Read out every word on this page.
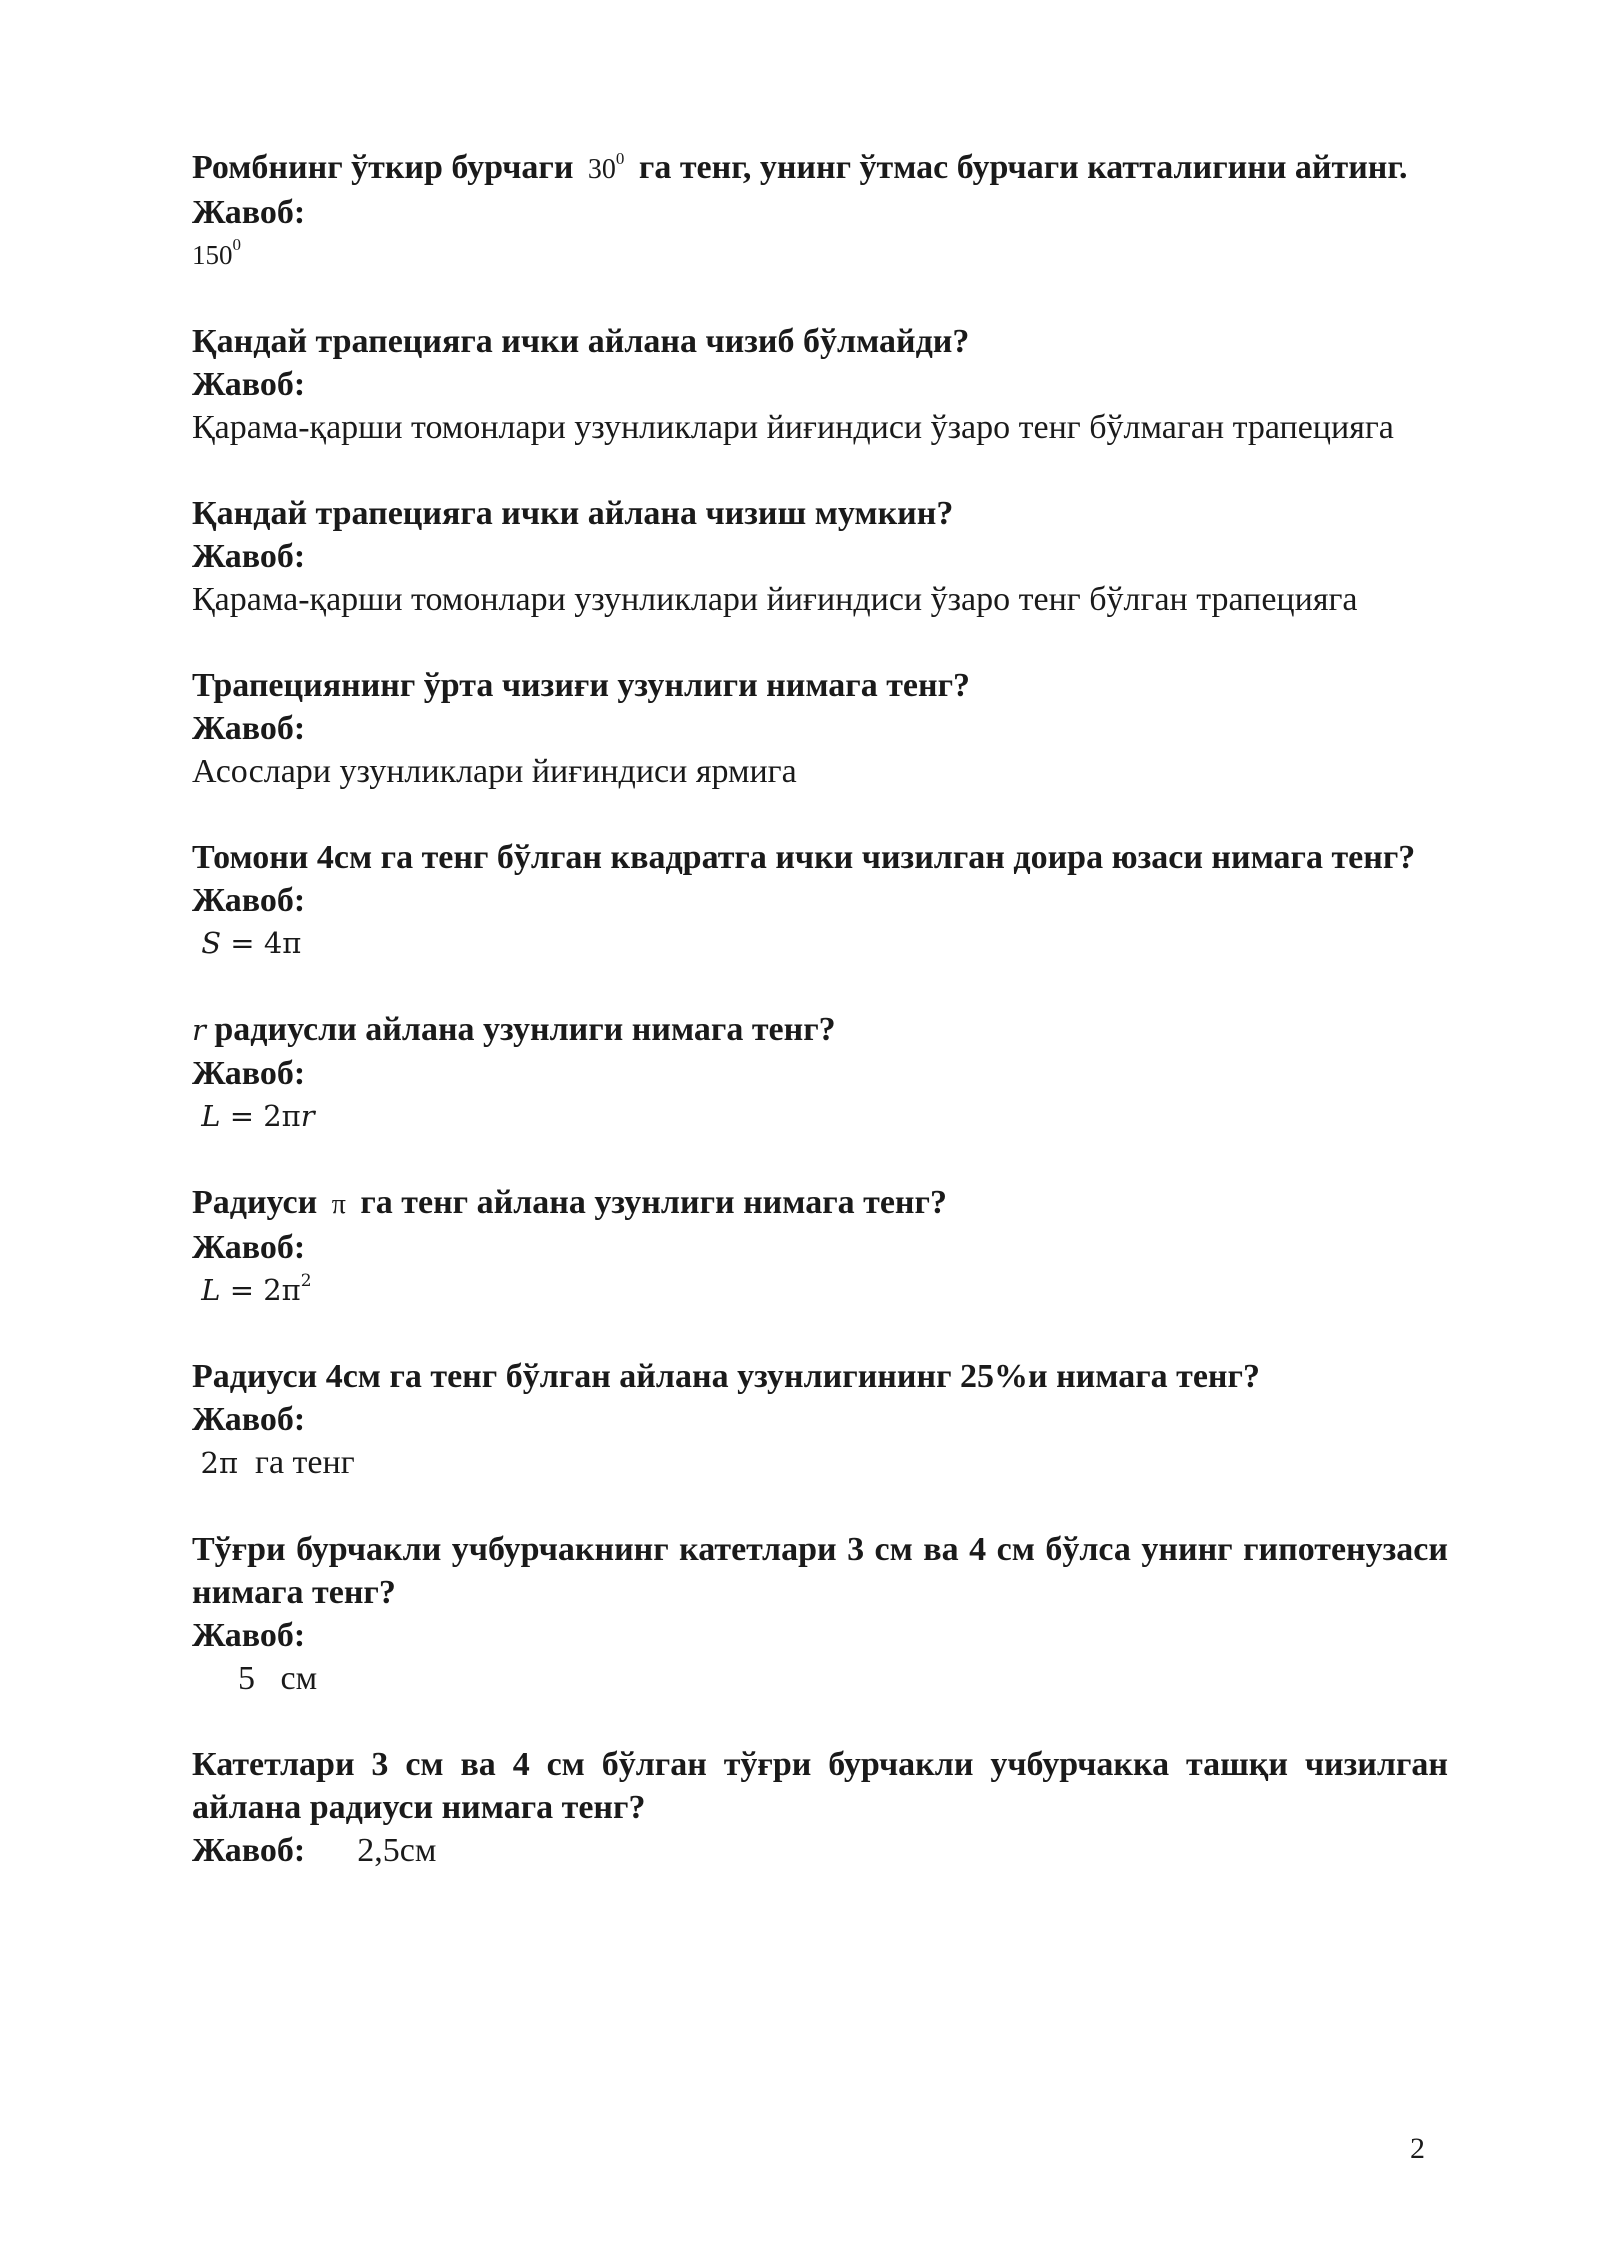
Ромбнинг ўткир бурчаги $30^0$ га тенг, унинг ўтмас бурчаги катталигини айтинг.

Жавоб:

$150^0$

Қандай трапецияга ички айлана чизиб бўлмайди?

Жавоб:

Қарама-қарши томонлари узунликлари йиғиндиси ўзаро тенг бўлмаган трапецияга

Қандай трапецияга ички айлана чизиш мумкин?

Жавоб:

Қарама-қарши томонлари узунликлари йиғиндиси ўзаро тенг бўлган трапецияга

Трапециянинг ўрта чизиғи узунлиги нимага тенг?

Жавоб:

Асослари узунликлари йиғиндиси ярмига

Томони 4см га тенг бўлган квадратга ички чизилган доира юзаси нимага тенг?

Жавоб:

S = 4π

r радиусли айлана узунлиги нимага тенг?

Жавоб:

L = 2πr

Радиуси π га тенг айлана узунлиги нимага тенг?

Жавоб:

$L = 2\pi^2$

Радиуси 4см га тенг бўлган айлана узунлигининг 25%и нимага тенг?

Жавоб:

2π га тенг

Тўғри бурчакли учбурчакнинг катетлари 3 см ва 4 см бўлса унинг гипотенузаси нимага тенг?

Жавоб:

5   см

Катетлари 3 см ва 4 см бўлган тўғри бурчакли учбурчакка ташқи чизилган айлана радиуси нимага тенг?

Жавоб: 2,5см

2
